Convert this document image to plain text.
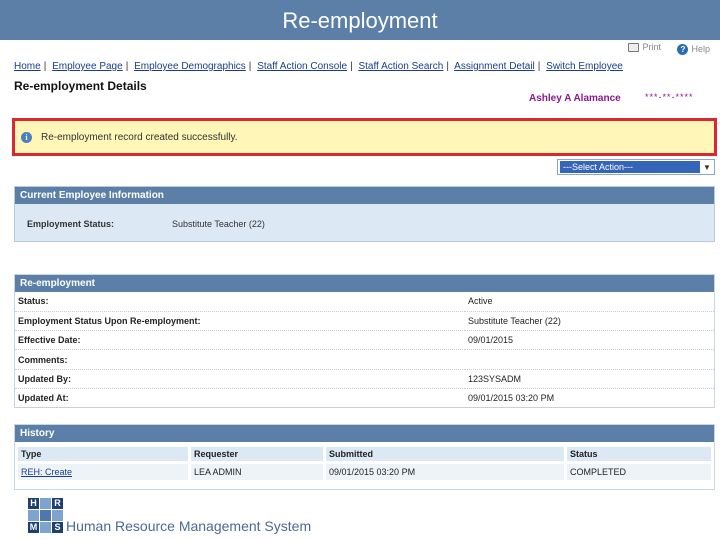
Re-employment
Print
	? Help
Home | Employee Page | Employee Demographics | Staff Action Console | Staff Action Search | Assignment Detail | Switch Employee
Re-employment Details
Ashley A Alamance	***-**-****
i	Re-employment record created successfully.
---Select Action---	▼
Current Employee Information
Employment Status:	Substitute Teacher (22)
Re-employment
Status:	Active
Employment Status Upon Re-employment:	Substitute Teacher (22)
Effective Date:	09/01/2015
Comments:	
Updated By:	123SYSADM
Updated At:	09/01/2015 03:20 PM
History
Type	Requester	Submitted	Status
REH: Create	LEA ADMIN	09/01/2015 03:20 PM	COMPLETED
H R
M S Human Resource Management System
